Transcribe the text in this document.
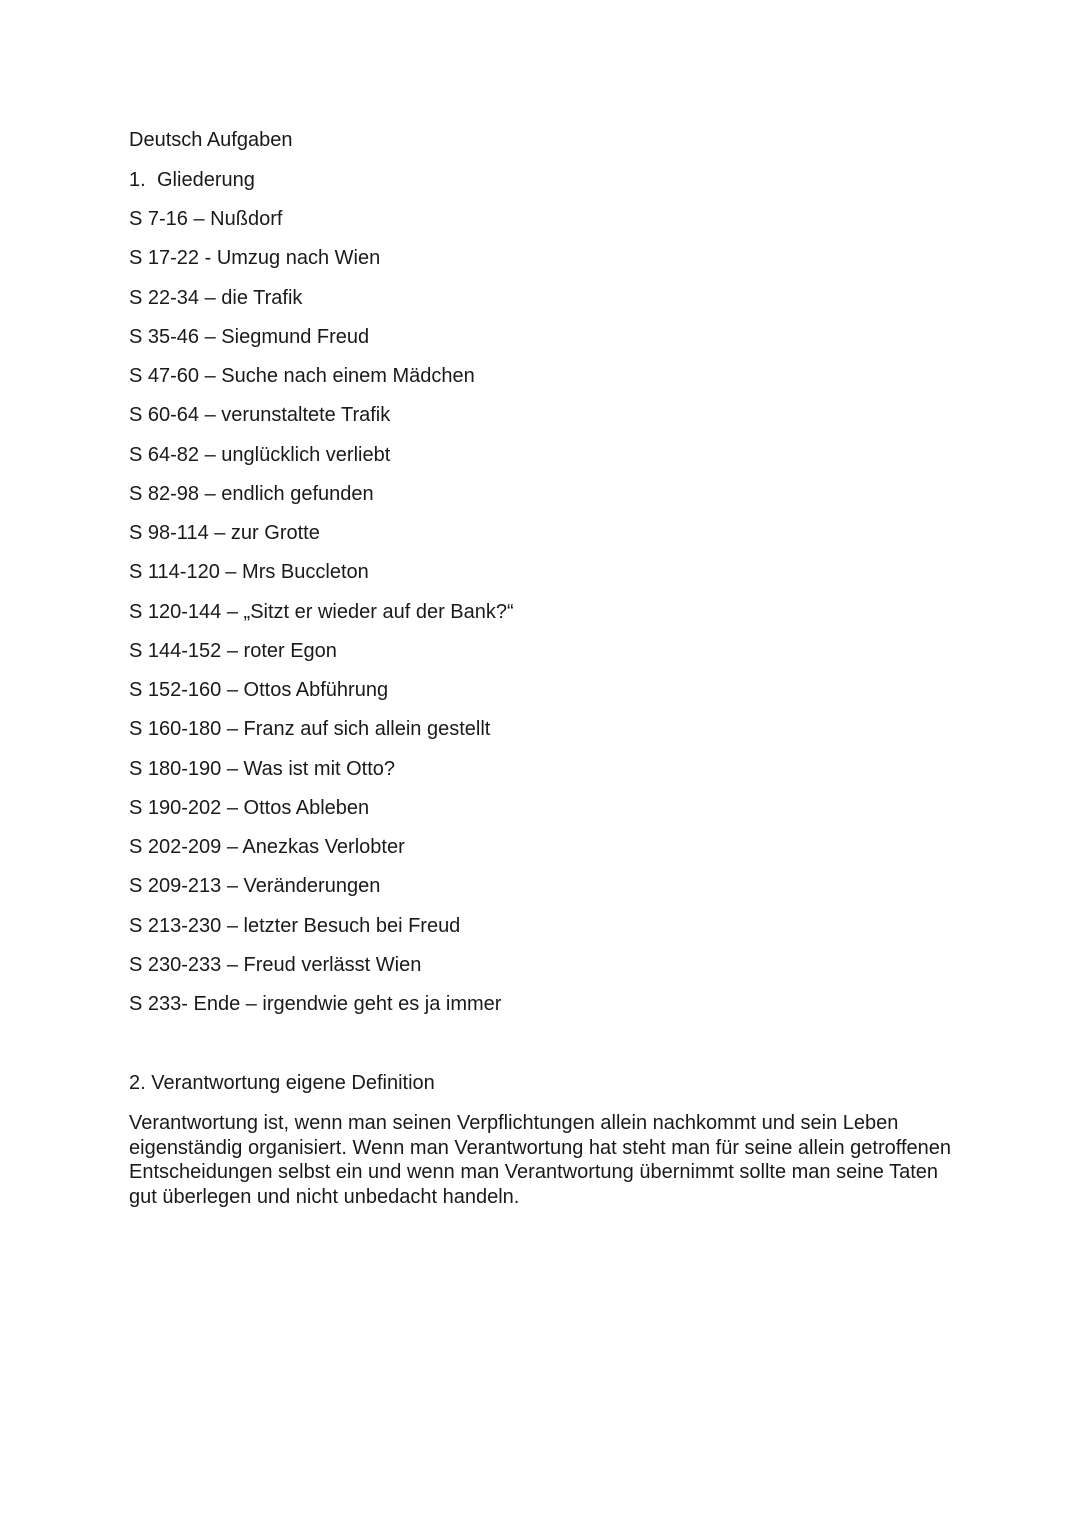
Deutsch Aufgaben
1. Gliederung
S 7-16 – Nußdorf
S 17-22 - Umzug nach Wien
S 22-34 – die Trafik
S 35-46 – Siegmund Freud
S 47-60 – Suche nach einem Mädchen
S 60-64 – verunstaltete Trafik
S 64-82 – unglücklich verliebt
S 82-98 – endlich gefunden
S 98-114 – zur Grotte
S 114-120 – Mrs Buccleton
S 120-144 – „Sitzt er wieder auf der Bank?“
S 144-152 – roter Egon
S 152-160 – Ottos Abführung
S 160-180 – Franz auf sich allein gestellt
S 180-190 – Was ist mit Otto?
S 190-202 – Ottos Ableben
S 202-209 – Anezkas Verlobter
S 209-213 – Veränderungen
S 213-230 – letzter Besuch bei Freud
S 230-233 – Freud verlässt Wien
S 233- Ende – irgendwie geht es ja immer
2. Verantwortung eigene Definition

Verantwortung ist, wenn man seinen Verpflichtungen allein nachkommt und sein Leben eigenständig organisiert. Wenn man Verantwortung hat steht man für seine allein getroffenen Entscheidungen selbst ein und wenn man Verantwortung übernimmt sollte man seine Taten gut überlegen und nicht unbedacht handeln.
